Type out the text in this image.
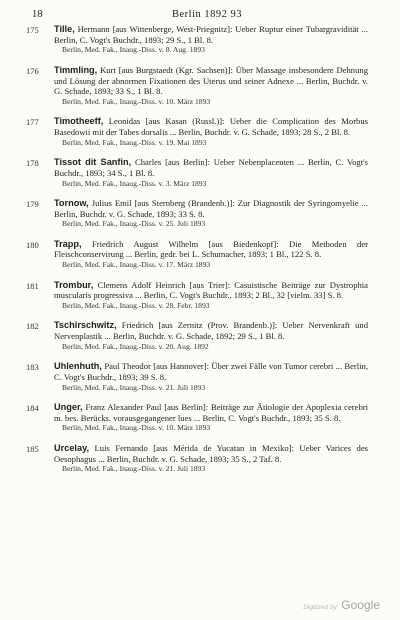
18	Berlin 1892 93
175 Tille, Hermann [aus Wittenberge, West-Priegnitz]: Ueber Ruptur einer Tubargravidität ... Berlin, C. Vogt's Buchdr., 1893; 29 S., 1 Bl. 8.
Berlin, Med. Fak., Inaug.-Diss. v. 8. Aug. 1893
176 Timmling, Kurt [aus Burgstaedt (Kgr. Sachsen)]: Über Massage insbesondere Dehnung und Lösung der abnormen Fixationen des Uterus und seiner Adnexe ... Berlin, Buchdr. v. G. Schade, 1893; 33 S., 1 Bl. 8.
Berlin, Med. Fak., Inaug.-Diss. v. 10. März 1893
177 Timotheeff, Leonidas [aus Kasan (Russl.)]: Ueber die Complication des Morbus Basedowii mit der Tabes dorsalis ... Berlin, Buchdr. v. G. Schade, 1893; 28 S., 2 Bl. 8.
Berlin, Med. Fak., Inaug.-Diss. v. 19. Mai 1893
178 Tissot dit Sanfin, Charles [aus Berlin]: Ueber Nebenplacenten ... Berlin, C. Vogt's Buchdr., 1893; 34 S., 1 Bl. 8.
Berlin, Med. Fak., Inaug.-Diss. v. 3. März 1893
179 Tornow, Julius Emil [aus Sternberg (Brandenb.)]: Zur Diagnostik der Syringomyelie ... Berlin, Buchdr. v. G. Schade, 1893; 33 S. 8.
Berlin, Med. Fak., Inaug.-Diss. v. 25. Juli 1893
180 Trapp, Friedrich August Wilhelm [aus Biedenkopf]: Die Methoden der Fleischconservirung ... Berlin, gedr. bei L. Schumacher, 1893; 1 Bl., 122 S. 8.
Berlin, Med. Fak., Inaug.-Diss. v. 17. März 1893
181 Trombur, Clemens Adolf Heinrich [aus Trier]: Casuistische Beiträge zur Dystrophia muscularis progressiva ... Berlin, C. Vogt's Buchdr., 1893; 2 Bl., 32 [vielm. 33] S. 8.
Berlin, Med. Fak., Inaug.-Diss. v. 28. Febr. 1893
182 Tschirschwitz, Friedrich [aus Zernitz (Prov. Brandenb.)]: Ueber Nervenkraft und Nervenplastik ... Berlin, Buchdr. v. G. Schade, 1892; 29 S., 1 Bl. 8.
Berlin, Med. Fak., Inaug.-Diss. v. 20. Aug. 1892
183 Uhlenhuth, Paul Theodor [aus Hannover]: Über zwei Fälle von Tumor cerebri ... Berlin, C. Vogt's Buchdr., 1893; 39 S. 8.
Berlin, Med. Fak., Inaug.-Diss. v. 21. Juli 1893
184 Unger, Franz Alexander Paul [aus Berlin]: Beiträge zur Ätiologie der Apoplexia cerebri m. bes. Berücks. vorausgegangener lues ... Berlin, C. Vogt's Buchdr., 1893; 35 S. 8.
Berlin, Med. Fak., Inaug.-Diss. v. 10. März 1893
185 Urcelay, Luis Fernando [aus Mérida de Yucatan in Mexiko]: Ueber Varices des Oesophagus ... Berlin, Buchdr. v. G. Schade, 1893; 35 S., 2 Taf. 8.
Berlin, Med. Fak., Inaug.-Diss. v. 21. Juli 1893
Digitized by Google
